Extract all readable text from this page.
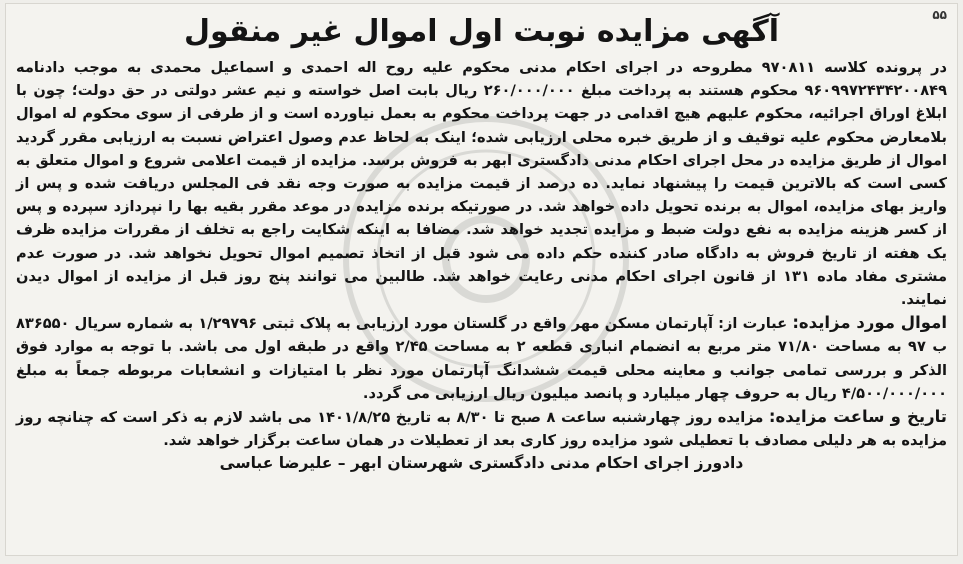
۵۵
آگهی مزایده نوبت اول اموال غیر منقول

در پرونده کلاسه ۹۷۰۸۱۱ مطروحه در اجرای احکام مدنی محکوم علیه روح اله احمدی و اسماعیل محمدی به موجب دادنامه ۹۶۰۹۹۷۲۴۳۴۲۰۰۸۴۹ محکوم هستند به پرداخت مبلغ ۲۶۰/۰۰۰/۰۰۰ ریال بابت اصل خواسته و نیم عشر دولتی در حق دولت؛ چون با ابلاغ اوراق اجرائیه، محکوم علیهم هیچ اقدامی در جهت پرداخت محکوم به بعمل نیاورده است و از طرفی از سوی محکوم له اموال بلامعارض محکوم علیه توقیف و از طریق خبره محلی ارزیابی شده؛ اینک به لحاظ عدم وصول اعتراض نسبت به ارزیابی مقرر گردید اموال از طریق مزایده در محل اجرای احکام مدنی دادگستری ابهر به فروش برسد. مزایده از قیمت اعلامی شروع و اموال متعلق به کسی است که بالاترین قیمت را پیشنهاد نماید. ده درصد از قیمت مزایده به صورت وجه نقد فی المجلس دریافت شده و پس از واریز بهای مزایده، اموال به برنده تحویل داده خواهد شد. در صورتیکه برنده مزایده در موعد مقرر بقیه بها را نپردازد سپرده و پس از کسر هزینه مزایده به نفع دولت ضبط و مزایده تجدید خواهد شد. مضافا به اینکه شکایت راجع به تخلف از مقررات مزایده ظرف یک هفته از تاریخ فروش به دادگاه صادر کننده حکم داده می شود قبل از اتخاذ تصمیم اموال تحویل نخواهد شد. در صورت عدم مشتری مفاد ماده ۱۳۱ از قانون اجرای احکام مدنی رعایت خواهد شد. طالبین می توانند پنج روز قبل از مزایده از اموال دیدن نمایند.

اموال مورد مزایده: عبارت از: آپارتمان مسکن مهر واقع در گلستان مورد ارزیابی به پلاک ثبتی ۱/۲۹۷۹۶ به شماره سریال ۸۳۶۵۵۰ ب ۹۷ به مساحت ۷۱/۸۰ متر مربع به انضمام انباری قطعه ۲ به مساحت ۲/۴۵ واقع در طبقه اول می باشد. با توجه به موارد فوق الذکر و بررسی تمامی جوانب و معاینه محلی قیمت ششدانگ آپارتمان مورد نظر با امتیازات و انشعابات مربوطه جمعاً به مبلغ ۴/۵۰۰/۰۰۰/۰۰۰ ریال به حروف چهار میلیارد و پانصد میلیون ریال ارزیابی می گردد.

تاریخ و ساعت مزایده: مزایده روز چهارشنبه ساعت ۸ صبح تا ۸/۳۰ به تاریخ ۱۴۰۱/۸/۲۵ می باشد لازم به ذکر است که چنانچه روز مزایده به هر دلیلی مصادف با تعطیلی شود مزایده روز کاری بعد از تعطیلات در همان ساعت برگزار خواهد شد.

دادورز اجرای احکام مدنی دادگستری شهرستان ابهر – علیرضا عباسی
